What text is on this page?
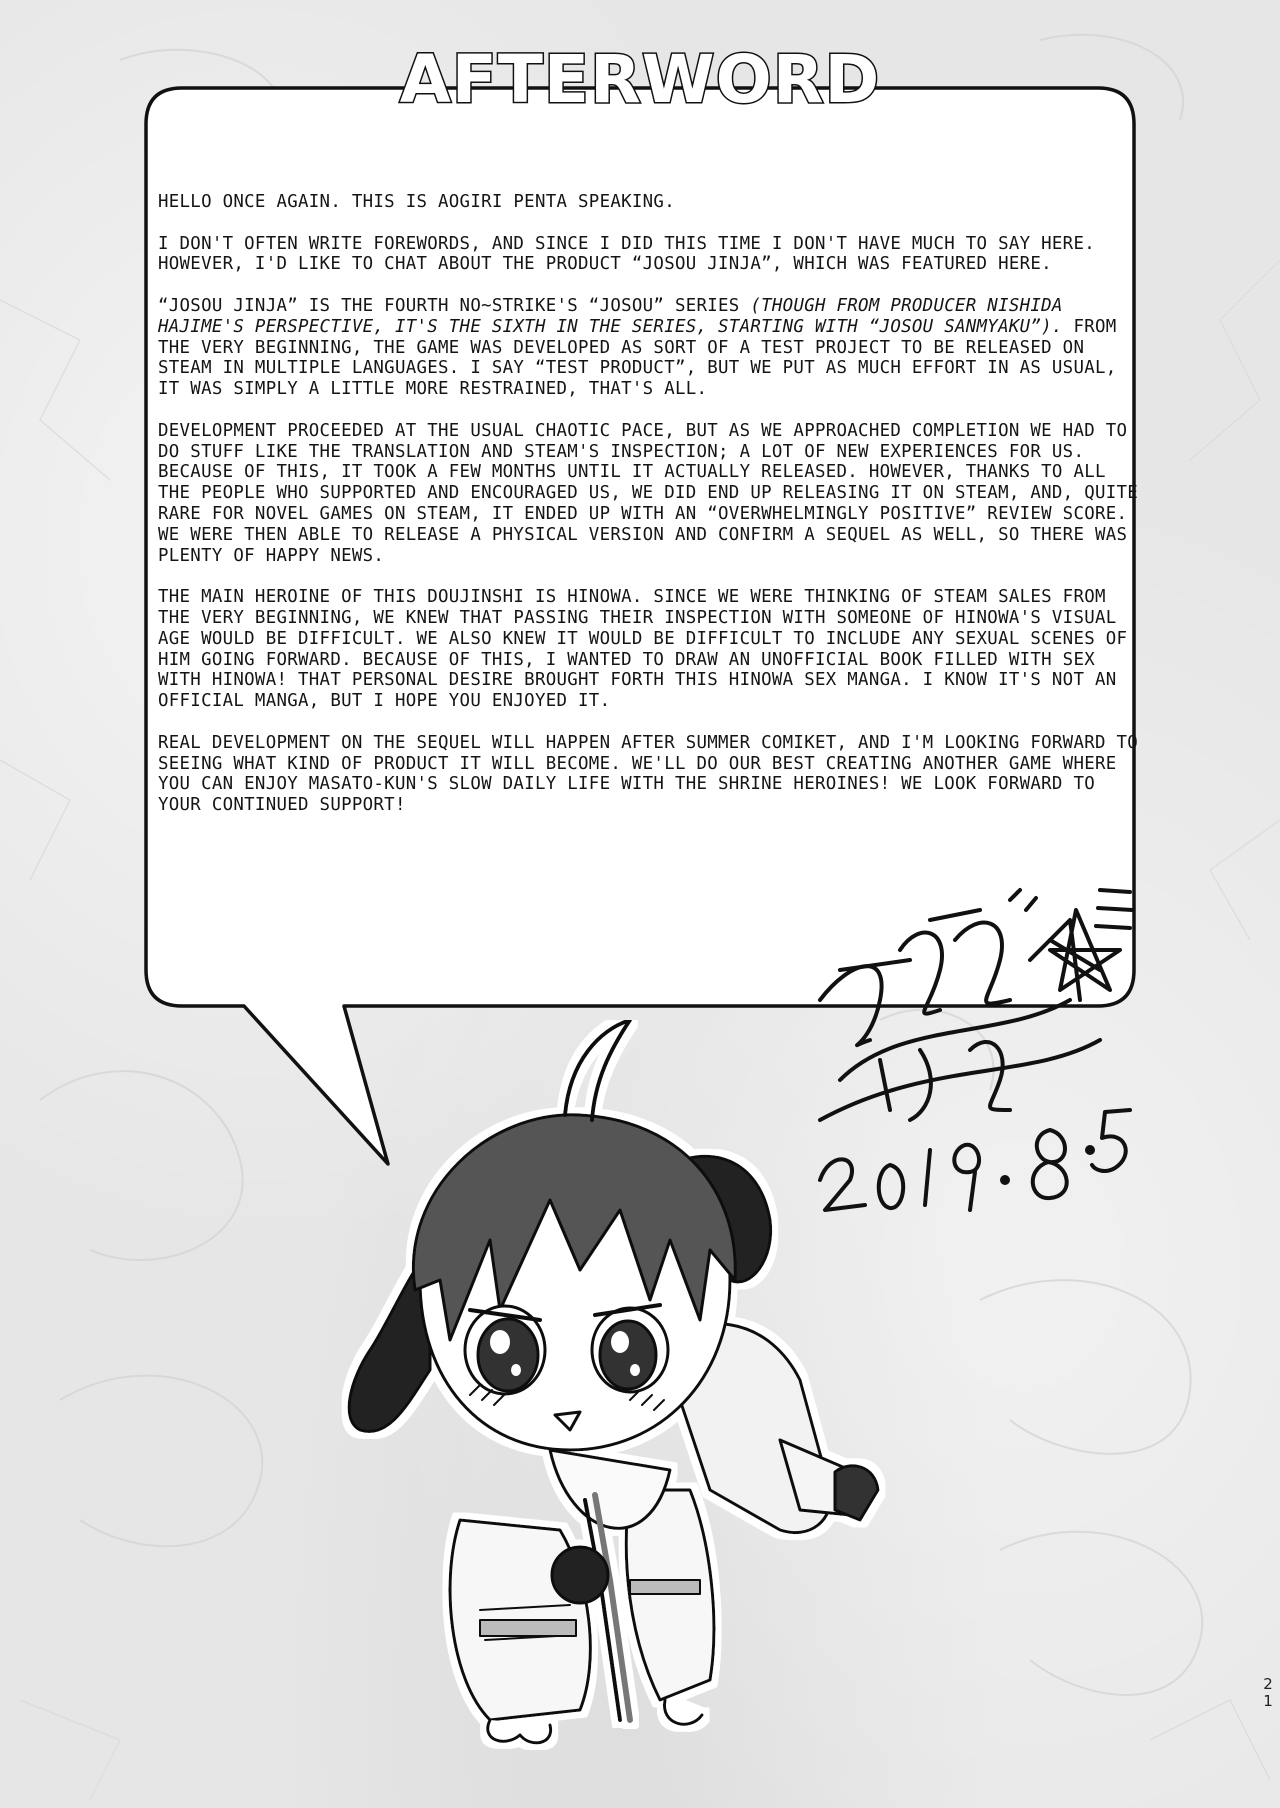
AFTERWORD

HELLO ONCE AGAIN. THIS IS AOGIRI PENTA SPEAKING.

I DON'T OFTEN WRITE FOREWORDS, AND SINCE I DID THIS TIME I DON'T HAVE MUCH TO SAY HERE. HOWEVER, I'D LIKE TO CHAT ABOUT THE PRODUCT “JOSOU JINJA”, WHICH WAS FEATURED HERE.

“JOSOU JINJA” IS THE FOURTH NO~STRIKE'S “JOSOU” SERIES (THOUGH FROM PRODUCER NISHIDA HAJIME'S PERSPECTIVE, IT'S THE SIXTH IN THE SERIES, STARTING WITH “JOSOU SANMYAKU”). FROM THE VERY BEGINNING, THE GAME WAS DEVELOPED AS SORT OF A TEST PROJECT TO BE RELEASED ON STEAM IN MULTIPLE LANGUAGES. I SAY “TEST PRODUCT”, BUT WE PUT AS MUCH EFFORT IN AS USUAL, IT WAS SIMPLY A LITTLE MORE RESTRAINED, THAT'S ALL.

DEVELOPMENT PROCEEDED AT THE USUAL CHAOTIC PACE, BUT AS WE APPROACHED COMPLETION WE HAD TO DO STUFF LIKE THE TRANSLATION AND STEAM'S INSPECTION; A LOT OF NEW EXPERIENCES FOR US. BECAUSE OF THIS, IT TOOK A FEW MONTHS UNTIL IT ACTUALLY RELEASED. HOWEVER, THANKS TO ALL THE PEOPLE WHO SUPPORTED AND ENCOURAGED US, WE DID END UP RELEASING IT ON STEAM, AND, QUITE RARE FOR NOVEL GAMES ON STEAM, IT ENDED UP WITH AN “OVERWHELMINGLY POSITIVE” REVIEW SCORE. WE WERE THEN ABLE TO RELEASE A PHYSICAL VERSION AND CONFIRM A SEQUEL AS WELL, SO THERE WAS PLENTY OF HAPPY NEWS.

THE MAIN HEROINE OF THIS DOUJINSHI IS HINOWA. SINCE WE WERE THINKING OF STEAM SALES FROM THE VERY BEGINNING, WE KNEW THAT PASSING THEIR INSPECTION WITH SOMEONE OF HINOWA'S VISUAL AGE WOULD BE DIFFICULT. WE ALSO KNEW IT WOULD BE DIFFICULT TO INCLUDE ANY SEXUAL SCENES OF HIM GOING FORWARD. BECAUSE OF THIS, I WANTED TO DRAW AN UNOFFICIAL BOOK FILLED WITH SEX WITH HINOWA! THAT PERSONAL DESIRE BROUGHT FORTH THIS HINOWA SEX MANGA. I KNOW IT'S NOT AN OFFICIAL MANGA, BUT I HOPE YOU ENJOYED IT.

REAL DEVELOPMENT ON THE SEQUEL WILL HAPPEN AFTER SUMMER COMIKET, AND I'M LOOKING FORWARD TO SEEING WHAT KIND OF PRODUCT IT WILL BECOME. WE'LL DO OUR BEST CREATING ANOTHER GAME WHERE YOU CAN ENJOY MASATO-KUN'S SLOW DAILY LIFE WITH THE SHRINE HEROINES! WE LOOK FORWARD TO YOUR CONTINUED SUPPORT!

2
1
